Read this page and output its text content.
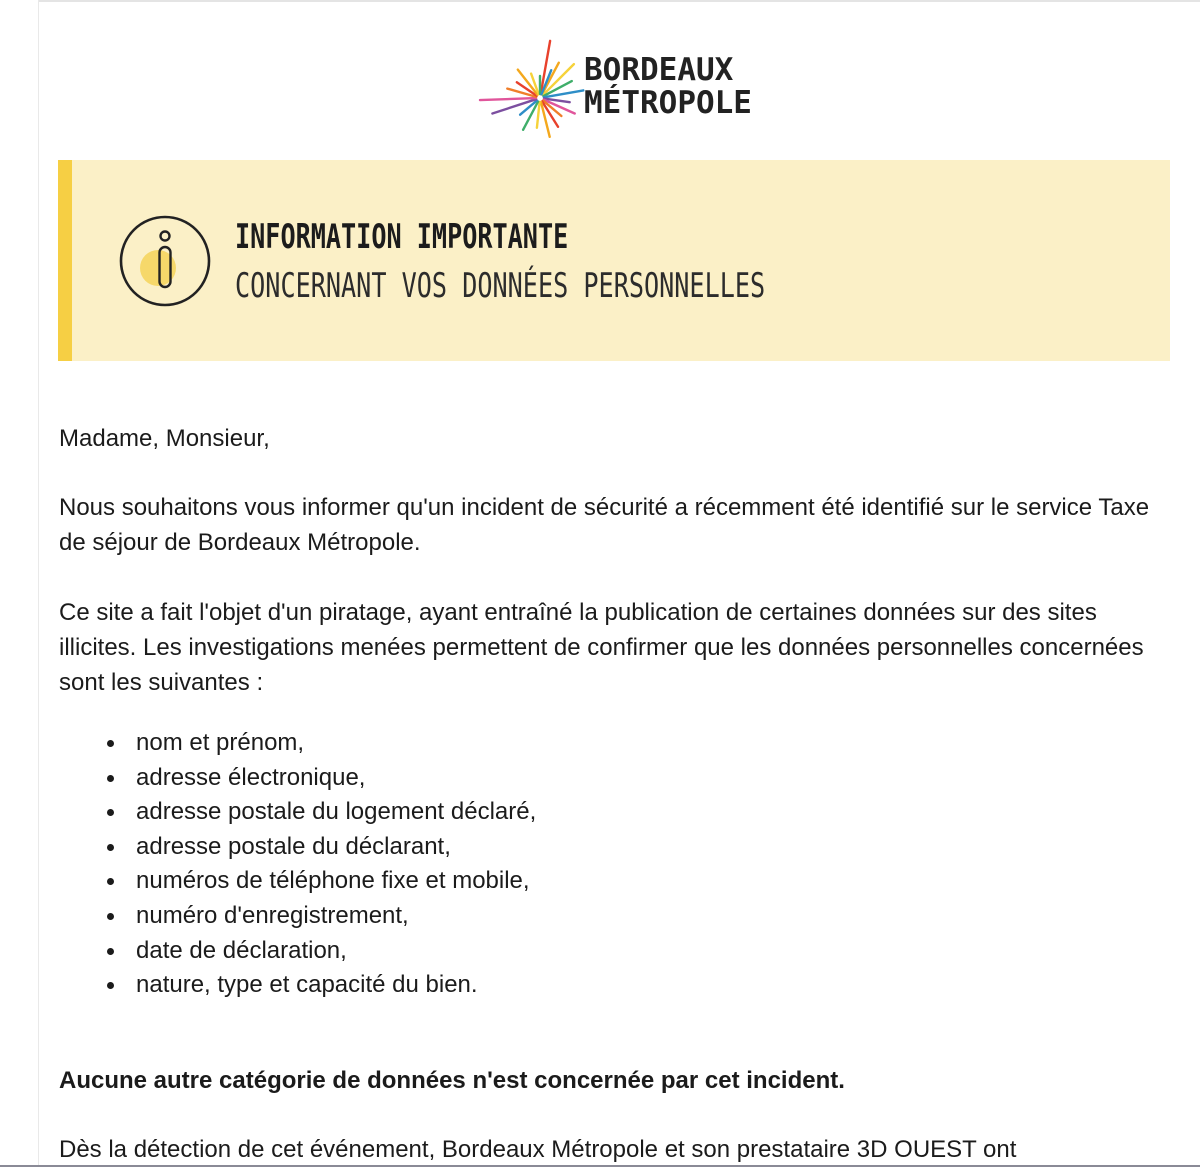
BORDEAUX
MÉTROPOLE
INFORMATION IMPORTANTE
CONCERNANT VOS DONNÉES PERSONNELLES
Madame, Monsieur,
Nous souhaitons vous informer qu'un incident de sécurité a récemment été identifié sur le service Taxe de séjour de Bordeaux Métropole.
Ce site a fait l'objet d'un piratage, ayant entraîné la publication de certaines données sur des sites illicites. Les investigations menées permettent de confirmer que les données personnelles concernées sont les suivantes :
nom et prénom,
adresse électronique,
adresse postale du logement déclaré,
adresse postale du déclarant,
numéros de téléphone fixe et mobile,
numéro d'enregistrement,
date de déclaration,
nature, type et capacité du bien.
Aucune autre catégorie de données n'est concernée par cet incident.
Dès la détection de cet événement, Bordeaux Métropole et son prestataire 3D OUEST ont
